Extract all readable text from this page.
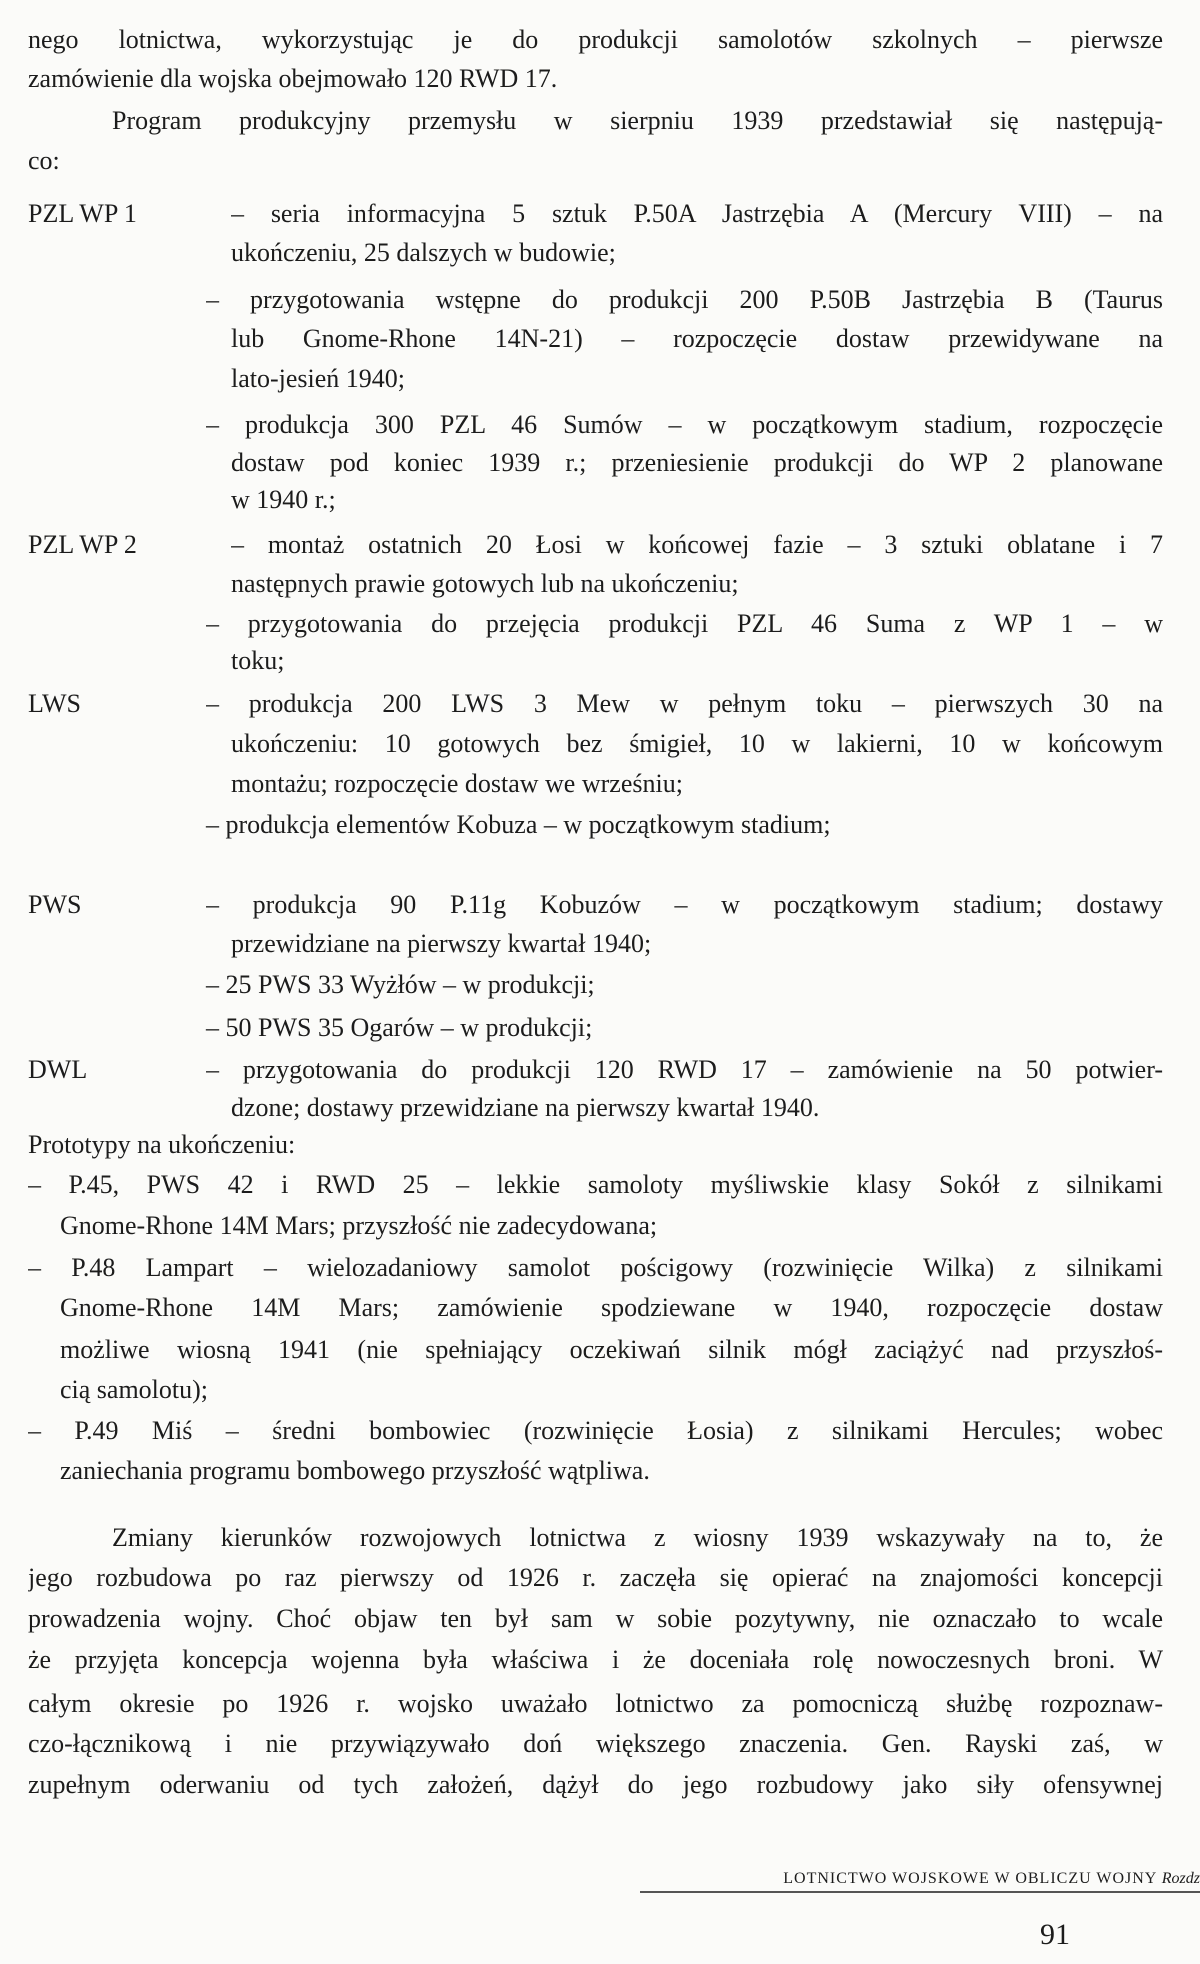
PZL WP 1
PZL WP 2
LWS
PWS
DWL
LOTNICTWO WOJSKOWE W OBLICZU WOJNY Rozdz
91
nego lotnictwa, wykorzystując je do produkcji samolotów szkolnych – pierwsze
zamówienie dla wojska obejmowało 120 RWD 17.
Program produkcyjny przemysłu w sierpniu 1939 przedstawiał się następują-
co:
– seria informacyjna 5 sztuk P.50A Jastrzębia A (Mercury VIII) – na
ukończeniu, 25 dalszych w budowie;
– przygotowania wstępne do produkcji 200 P.50B Jastrzębia B (Taurus
lub Gnome-Rhone 14N-21) – rozpoczęcie dostaw przewidywane na
lato-jesień 1940;
– produkcja 300 PZL 46 Sumów – w początkowym stadium, rozpoczęcie
dostaw pod koniec 1939 r.; przeniesienie produkcji do WP 2 planowane
w 1940 r.;
– montaż ostatnich 20 Łosi w końcowej fazie – 3 sztuki oblatane i 7
następnych prawie gotowych lub na ukończeniu;
– przygotowania do przejęcia produkcji PZL 46 Suma z WP 1 – w
toku;
– produkcja 200 LWS 3 Mew w pełnym toku – pierwszych 30 na
ukończeniu: 10 gotowych bez śmigieł, 10 w lakierni, 10 w końcowym
montażu; rozpoczęcie dostaw we wrześniu;
– produkcja elementów Kobuza – w początkowym stadium;
– produkcja 90 P.11g Kobuzów – w początkowym stadium; dostawy
przewidziane na pierwszy kwartał 1940;
– 25 PWS 33 Wyżłów – w produkcji;
– 50 PWS 35 Ogarów – w produkcji;
– przygotowania do produkcji 120 RWD 17 – zamówienie na 50 potwier-
dzone; dostawy przewidziane na pierwszy kwartał 1940.
Prototypy na ukończeniu:
– P.45, PWS 42 i RWD 25 – lekkie samoloty myśliwskie klasy Sokół z silnikami
Gnome-Rhone 14M Mars; przyszłość nie zadecydowana;
– P.48 Lampart – wielozadaniowy samolot pościgowy (rozwinięcie Wilka) z silnikami
Gnome-Rhone 14M Mars; zamówienie spodziewane w 1940, rozpoczęcie dostaw
możliwe wiosną 1941 (nie spełniający oczekiwań silnik mógł zaciążyć nad przyszłoś-
cią samolotu);
– P.49 Miś – średni bombowiec (rozwinięcie Łosia) z silnikami Hercules; wobec
zaniechania programu bombowego przyszłość wątpliwa.
Zmiany kierunków rozwojowych lotnictwa z wiosny 1939 wskazywały na to, że
jego rozbudowa po raz pierwszy od 1926 r. zaczęła się opierać na znajomości koncepcji
prowadzenia wojny. Choć objaw ten był sam w sobie pozytywny, nie oznaczało to wcale
że przyjęta koncepcja wojenna była właściwa i że doceniała rolę nowoczesnych broni. W
całym okresie po 1926 r. wojsko uważało lotnictwo za pomocniczą służbę rozpoznaw-
czo-łącznikową i nie przywiązywało doń większego znaczenia. Gen. Rayski zaś, w
zupełnym oderwaniu od tych założeń, dążył do jego rozbudowy jako siły ofensywnej
